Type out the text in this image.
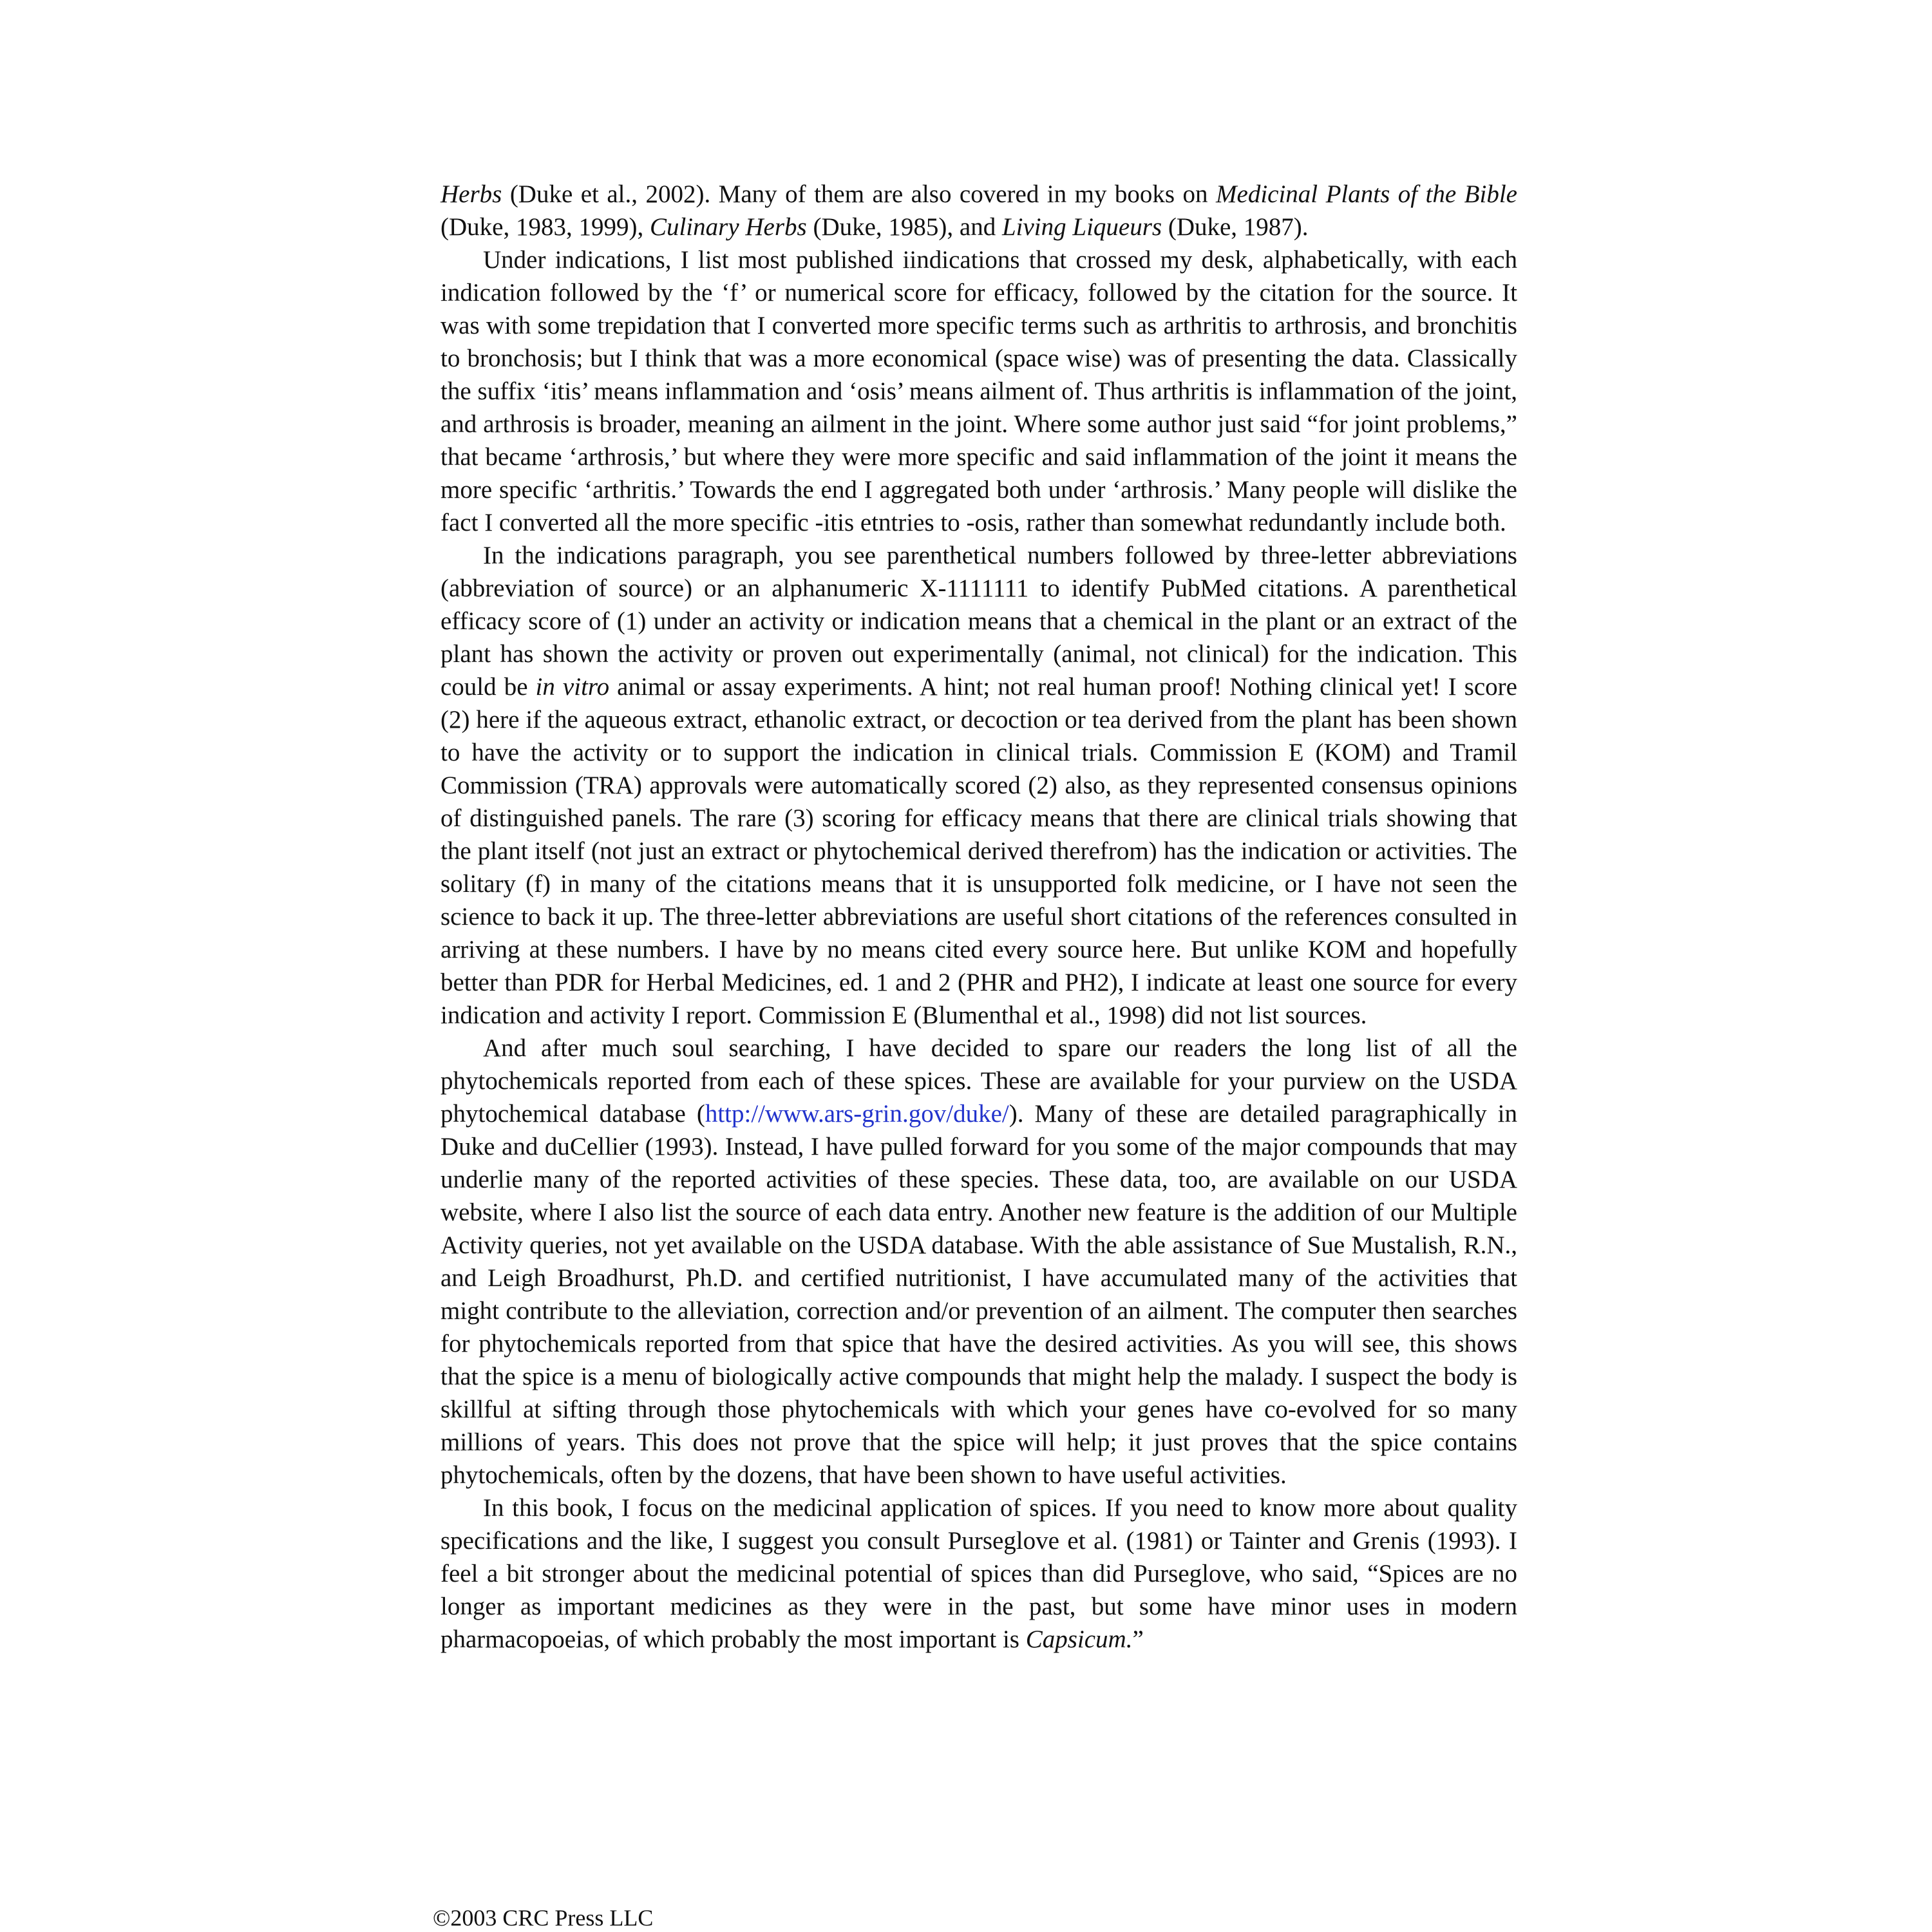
Herbs (Duke et al., 2002). Many of them are also covered in my books on Medicinal Plants of the Bible (Duke, 1983, 1999), Culinary Herbs (Duke, 1985), and Living Liqueurs (Duke, 1987).

Under indications, I list most published iindications that crossed my desk, alphabetically, with each indication followed by the ‘f’ or numerical score for efficacy, followed by the citation for the source. It was with some trepidation that I converted more specific terms such as arthritis to arthrosis, and bronchitis to bronchosis; but I think that was a more economical (space wise) was of presenting the data. Classically the suffix ‘itis’ means inflammation and ‘osis’ means ailment of. Thus arthritis is inflammation of the joint, and arthrosis is broader, meaning an ailment in the joint. Where some author just said “for joint problems,” that became ‘arthrosis,’ but where they were more specific and said inflammation of the joint it means the more specific ‘arthritis.’ Towards the end I aggregated both under ‘arthrosis.’ Many people will dislike the fact I converted all the more specific -itis etntries to -osis, rather than somewhat redundantly include both.

In the indications paragraph, you see parenthetical numbers followed by three-letter abbreviations (abbreviation of source) or an alphanumeric X-1111111 to identify PubMed citations. A parenthetical efficacy score of (1) under an activity or indication means that a chemical in the plant or an extract of the plant has shown the activity or proven out experimentally (animal, not clinical) for the indication. This could be in vitro animal or assay experiments. A hint; not real human proof! Nothing clinical yet! I score (2) here if the aqueous extract, ethanolic extract, or decoction or tea derived from the plant has been shown to have the activity or to support the indication in clinical trials. Commission E (KOM) and Tramil Commission (TRA) approvals were automatically scored (2) also, as they represented consensus opinions of distinguished panels. The rare (3) scoring for efficacy means that there are clinical trials showing that the plant itself (not just an extract or phytochemical derived therefrom) has the indication or activities. The solitary (f) in many of the citations means that it is unsupported folk medicine, or I have not seen the science to back it up. The three-letter abbreviations are useful short citations of the references consulted in arriving at these numbers. I have by no means cited every source here. But unlike KOM and hopefully better than PDR for Herbal Medicines, ed. 1 and 2 (PHR and PH2), I indicate at least one source for every indication and activity I report. Commission E (Blumenthal et al., 1998) did not list sources.

And after much soul searching, I have decided to spare our readers the long list of all the phytochemicals reported from each of these spices. These are available for your purview on the USDA phytochemical database (http://www.ars-grin.gov/duke/). Many of these are detailed paragraphically in Duke and duCellier (1993). Instead, I have pulled forward for you some of the major compounds that may underlie many of the reported activities of these species. These data, too, are available on our USDA website, where I also list the source of each data entry. Another new feature is the addition of our Multiple Activity queries, not yet available on the USDA database. With the able assistance of Sue Mustalish, R.N., and Leigh Broadhurst, Ph.D. and certified nutritionist, I have accumulated many of the activities that might contribute to the alleviation, correction and/or prevention of an ailment. The computer then searches for phytochemicals reported from that spice that have the desired activities. As you will see, this shows that the spice is a menu of biologically active compounds that might help the malady. I suspect the body is skillful at sifting through those phytochemicals with which your genes have co-evolved for so many millions of years. This does not prove that the spice will help; it just proves that the spice contains phytochemicals, often by the dozens, that have been shown to have useful activities.

In this book, I focus on the medicinal application of spices. If you need to know more about quality specifications and the like, I suggest you consult Purseglove et al. (1981) or Tainter and Grenis (1993). I feel a bit stronger about the medicinal potential of spices than did Purseglove, who said, “Spices are no longer as important medicines as they were in the past, but some have minor uses in modern pharmacopoeias, of which probably the most important is Capsicum.”

©2003 CRC Press LLC
